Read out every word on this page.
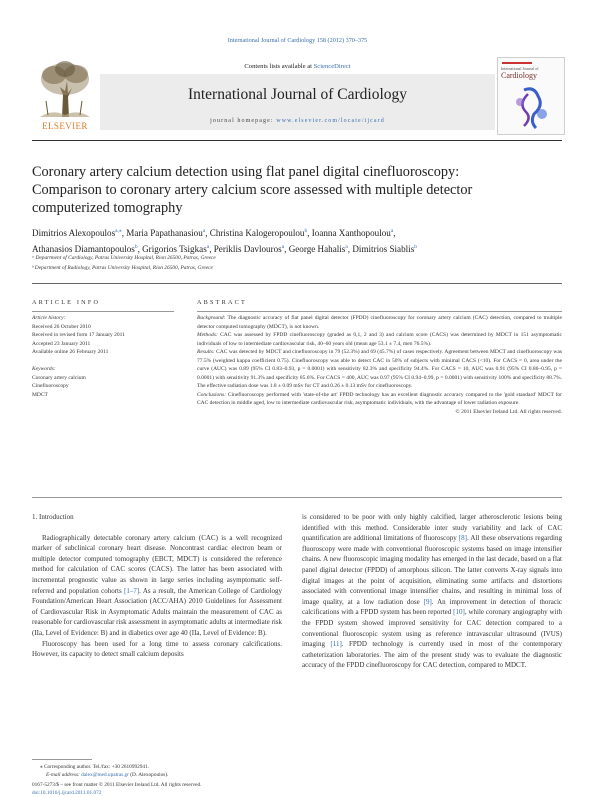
International Journal of Cardiology 158 (2012) 370–375
ELSEVIER
Contents lists available at ScienceDirect
International Journal of Cardiology
journal homepage: www.elsevier.com/locate/ijcard
International Journal of
Cardiology
Coronary artery calcium detection using flat panel digital cinefluoroscopy:
Comparison to coronary artery calcium score assessed with multiple detector
computerized tomography
Dimitrios Alexopoulos$^{a,⁎}$, Maria Papathanasiou$^a$, Christina Kalogeropoulou$^b$, Ioanna Xanthopoulou$^a$,
Athanasios Diamantopoulos$^b$, Grigorios Tsigkas$^a$, Periklis Davlouros$^a$, George Hahalis$^a$, Dimitrios Siablis$^b$
ᵃ Department of Cardiology, Patras University Hospital, Rion 26500, Patras, Greece
ᵇ Department of Radiology, Patras University Hospital, Rion 26500, Patras, Greece
ARTICLE INFO	ABSTRACT
Article history:
Received 26 October 2010
Received in revised form 17 January 2011
Accepted 23 January 2011
Available online 26 February 2011
Keywords:
Coronary artery calcium
Cinefluoroscopy
MDCT

Background: The diagnostic accuracy of flat panel digital detector (FPDD) cinefluoroscopy for coronary artery calcium (CAC) detection, compared to multiple detector computed tomography (MDCT), is not known.

Methods: CAC was assessed by FPDD cinefluoroscopy (graded as 0,1, 2 and 3) and calcium score (CACS) was determined by MDCT in 151 asymptomatic individuals of low to intermediate cardiovascular risk, 40–60 years old (mean age 53.1 ± 7.4, men 76.5%).

Results: CAC was detected by MDCT and cinefluoroscopy in 79 (52.3%) and 69 (45.7%) of cases respectively. Agreement between MDCT and cinefluoroscopy was 77.5% (weighted kappa coefficient 0.75). Cinefluoroscopy was able to detect CAC in 50% of subjects with minimal CACS (<10). For CACS = 0, area under the curve (AUC) was 0.89 (95% CI 0.83–0.93, p = 0.0001) with sensitivity 82.3% and specificity 94.4%. For CACS = 10, AUC was 0.91 (95% CI 0.86–0.95, p = 0.0001) with sensitivity 91.3% and specificity 85.6%. For CACS = 400, AUC was 0.97 (95% CI 0.94–0.99, p = 0.0001) with sensitivity 100% and specificity 88.7%. The effective radiation dose was 1.8 ± 0.09 mSv for CT and 0.26 ± 0.13 mSv for cinefluoroscopy.

Conclusions: Cinefluoroscopy performed with 'state-of-the art' FPDD technology has an excellent diagnostic accuracy compared to the 'gold standard' MDCT for CAC detection in middle aged, low to intermediate cardiovascular risk, asymptomatic individuals, with the advantage of lower radiation exposure.

© 2011 Elsevier Ireland Ltd. All rights reserved.

1. Introduction

Radiographically detectable coronary artery calcium (CAC) is a well recognized marker of subclinical coronary heart disease. Noncontrast cardiac electron beam or multiple detector computed tomography (EBCT, MDCT) is considered the reference method for calculation of CAC scores (CACS). The latter has been associated with incremental prognostic value as shown in large series including asymptomatic self-referred and population cohorts [1–7]. As a result, the American College of Cardiology Foundation/American Heart Association (ACC/AHA) 2010 Guidelines for Assessment of Cardiovascular Risk in Asymptomatic Adults maintain the measurement of CAC as reasonable for cardiovascular risk assessment in asymptomatic adults at intermediate risk (IIa, Level of Evidence: B) and in diabetics over age 40 (IIa, Level of Evidence: B).

Fluoroscopy has been used for a long time to assess coronary calcifications. However, its capacity to detect small calcium deposits

is considered to be poor with only highly calcified, larger atherosclerotic lesions being identified with this method. Considerable inter study variability and lack of CAC quantification are additional limitations of fluoroscopy [8]. All these observations regarding fluoroscopy were made with conventional fluoroscopic systems based on image intensifier chains. A new fluoroscopic imaging modality has emerged in the last decade, based on a flat panel digital detector (FPDD) of amorphous silicon. The latter converts X-ray signals into digital images at the point of acquisition, eliminating some artifacts and distortions associated with conventional image intensifier chains, and resulting in minimal loss of image quality, at a low radiation dose [9]. An improvement in detection of thoracic calcifications with a FPDD system has been reported [10], while coronary angiography with the FPDD system showed improved sensitivity for CAC detection compared to a conventional fluoroscopic system using as reference intravascular ultrasound (IVUS) imaging [11]. FPDD technology is currently used in most of the contemporary catheterization laboratories. The aim of the present study was to evaluate the diagnostic accuracy of the FPDD cinefluoroscopy for CAC detection, compared to MDCT.

⁎ Corresponding author. Tel./fax: +30 2610992941.
E-mail address: dalex@med.upatras.gr (D. Alexopoulos).
0167-5273/$ – see front matter © 2011 Elsevier Ireland Ltd. All rights reserved.
doi:10.1016/j.ijcard.2011.01.072
